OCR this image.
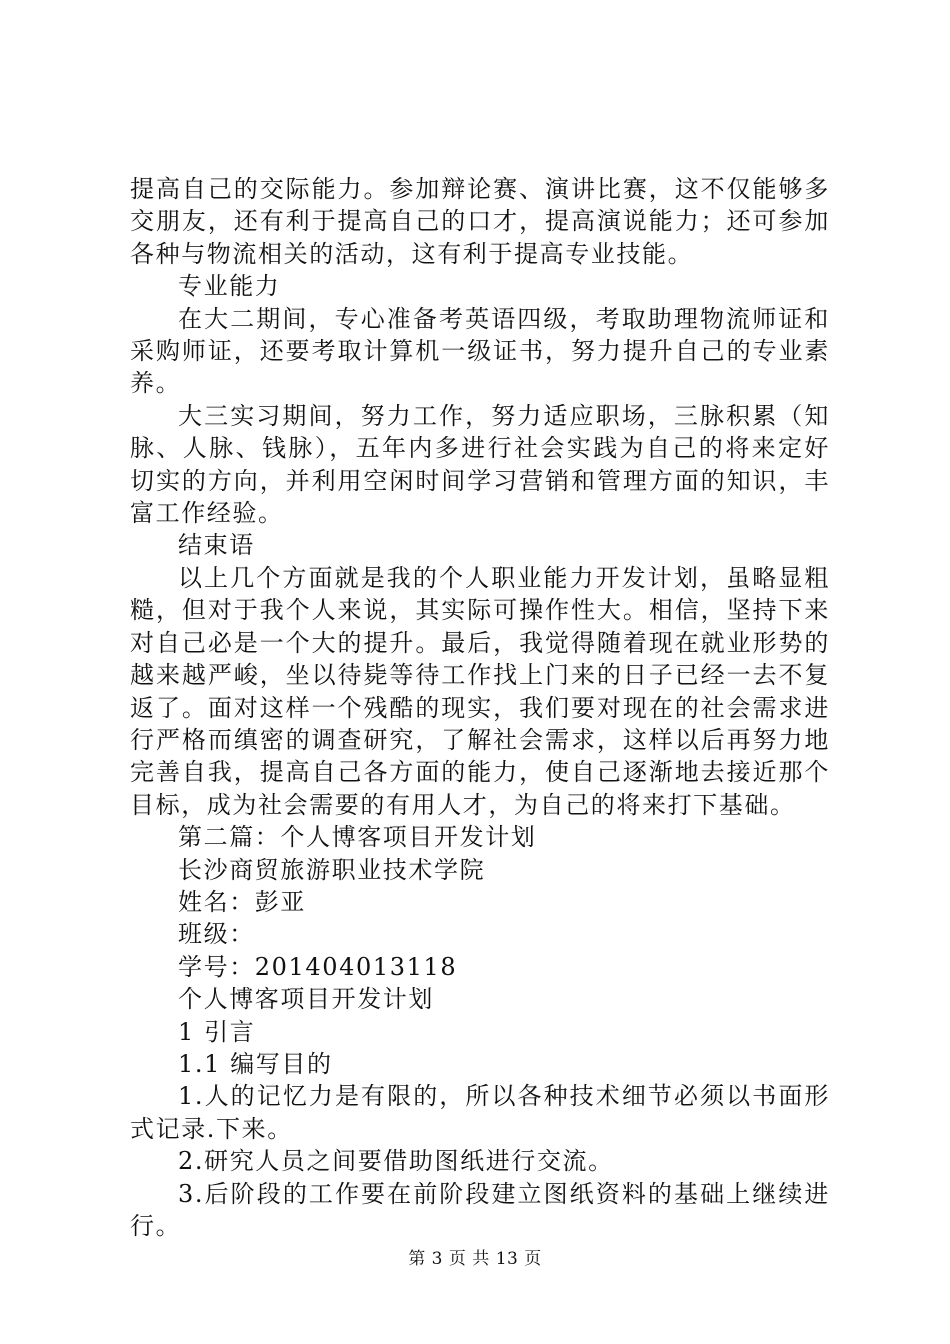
提高自己的交际能力。参加辩论赛、演讲比赛，这不仅能够多交朋友，还有利于提高自己的口才，提高演说能力；还可参加各种与物流相关的活动，这有利于提高专业技能。

专业能力

在大二期间，专心准备考英语四级，考取助理物流师证和采购师证，还要考取计算机一级证书，努力提升自己的专业素养。

大三实习期间，努力工作，努力适应职场，三脉积累（知脉、人脉、钱脉），五年内多进行社会实践为自己的将来定好切实的方向，并利用空闲时间学习营销和管理方面的知识，丰富工作经验。

结束语

以上几个方面就是我的个人职业能力开发计划，虽略显粗糙，但对于我个人来说，其实际可操作性大。相信，坚持下来对自己必是一个大的提升。最后，我觉得随着现在就业形势的越来越严峻，坐以待毙等待工作找上门来的日子已经一去不复返了。面对这样一个残酷的现实，我们要对现在的社会需求进行严格而缜密的调查研究，了解社会需求，这样以后再努力地完善自我，提高自己各方面的能力，使自己逐渐地去接近那个目标，成为社会需要的有用人才，为自己的将来打下基础。

第二篇：个人博客项目开发计划

长沙商贸旅游职业技术学院

姓名：彭亚

班级：

学号：201404013118

个人博客项目开发计划

1 引言

1.1 编写目的

1.人的记忆力是有限的，所以各种技术细节必须以书面形式记录.下来。

2.研究人员之间要借助图纸进行交流。

3.后阶段的工作要在前阶段建立图纸资料的基础上继续进行。

第 3 页 共 13 页
